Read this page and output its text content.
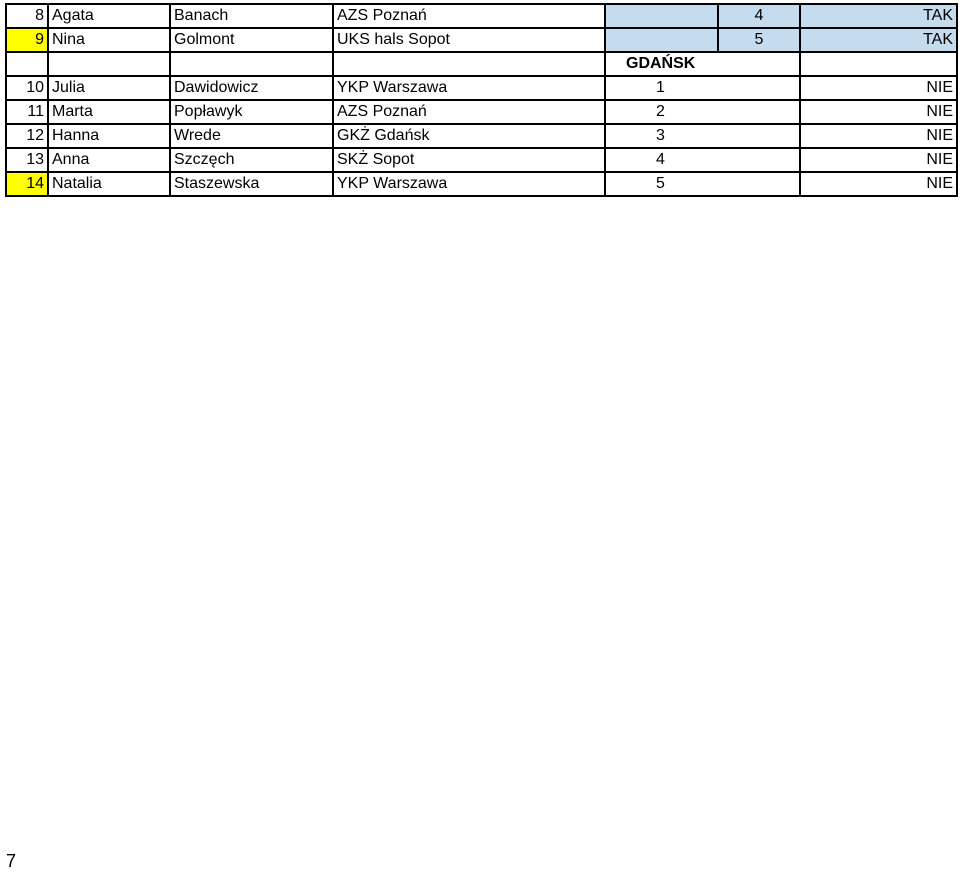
8	Agata	Banach	AZS Poznań		4	TAK
9	Nina	Golmont	UKS hals Sopot		5	TAK
				GDAŃSK		
10	Julia	Dawidowicz	YKP Warszawa	1		NIE
11	Marta	Popławyk	AZS Poznań	2		NIE
12	Hanna	Wrede	GKŻ Gdańsk	3		NIE
13	Anna	Szczęch	SKŻ Sopot	4		NIE
14	Natalia	Staszewska	YKP Warszawa	5		NIE
7
